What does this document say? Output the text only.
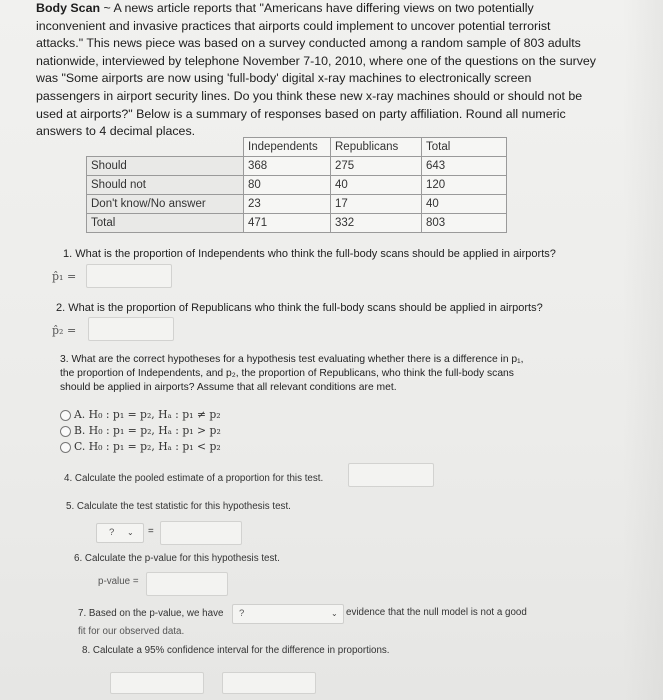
Body Scan ~ A news article reports that "Americans have differing views on two potentially inconvenient and invasive practices that airports could implement to uncover potential terrorist attacks." This news piece was based on a survey conducted among a random sample of 803 adults nationwide, interviewed by telephone November 7-10, 2010, where one of the questions on the survey was "Some airports are now using 'full-body' digital x-ray machines to electronically screen passengers in airport security lines. Do you think these new x-ray machines should or should not be used at airports?" Below is a summary of responses based on party affiliation. Round all numeric answers to 4 decimal places.
	Independents	Republicans	Total
Should	368	275	643
Should not	80	40	120
Don't know/No answer	23	17	40
Total	471	332	803
1. What is the proportion of Independents who think the full-body scans should be applied in airports?
p̂₁ =
2. What is the proportion of Republicans who think the full-body scans should be applied in airports?
p̂₂ =
3. What are the correct hypotheses for a hypothesis test evaluating whether there is a difference in p₁,
the proportion of Independents, and p₂, the proportion of Republicans, who think the full-body scans
should be applied in airports? Assume that all relevant conditions are met.
A. H₀ : p₁ = p₂, Hₐ : p₁ ≠ p₂
B. H₀ : p₁ = p₂, Hₐ : p₁ > p₂
C. H₀ : p₁ = p₂, Hₐ : p₁ < p₂
4. Calculate the pooled estimate of a proportion for this test.
5. Calculate the test statistic for this hypothesis test.
? ⌄ =
6. Calculate the p-value for this hypothesis test.
p-value =
7. Based on the p-value, we have ?	⌄ evidence that the null model is not a good
fit for our observed data.
8. Calculate a 95% confidence interval for the difference in proportions.
